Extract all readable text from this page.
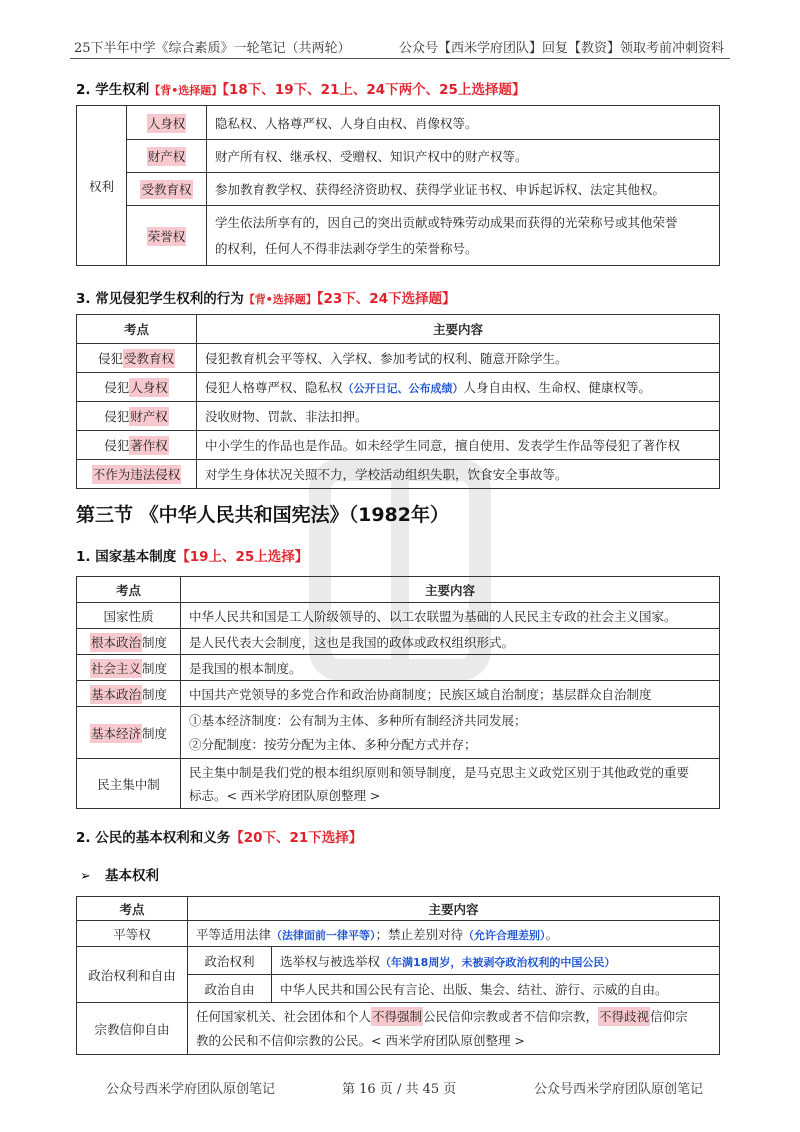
25下半年中学《综合素质》一轮笔记（共两轮）	公众号【西米学府团队】回复【教资】领取考前冲刺资料
2. 学生权利【背•选择题】【18下、19下、21上、24下两个、25上选择题】
权利	人身权	隐私权、人格尊严权、人身自由权、肖像权等。
	财产权	财产所有权、继承权、受赠权、知识产权中的财产权等。
	受教育权	参加教育教学权、获得经济资助权、获得学业证书权、申诉起诉权、法定其他权。
	荣誉权	学生依法所享有的，因自己的突出贡献或特殊劳动成果而获得的光荣称号或其他荣誉
的权利，任何人不得非法剥夺学生的荣誉称号。
3. 常见侵犯学生权利的行为【背•选择题】【23下、24下选择题】
考点	主要内容
侵犯受教育权	侵犯教育机会平等权、入学权、参加考试的权利、随意开除学生。
侵犯人身权	侵犯人格尊严权、隐私权（公开日记、公布成绩）人身自由权、生命权、健康权等。
侵犯财产权	没收财物、罚款、非法扣押。
侵犯著作权	中小学生的作品也是作品。如未经学生同意，擅自使用、发表学生作品等侵犯了著作权
不作为违法侵权	对学生身体状况关照不力，学校活动组织失职，饮食安全事故等。
第三节 《中华人民共和国宪法》（1982年）
1. 国家基本制度【19上、25上选择】
考点	主要内容
国家性质	中华人民共和国是工人阶级领导的、以工农联盟为基础的人民民主专政的社会主义国家。
根本政治制度	是人民代表大会制度，这也是我国的政体或政权组织形式。
社会主义制度	是我国的根本制度。
基本政治制度	中国共产党领导的多党合作和政治协商制度；民族区域自治制度；基层群众自治制度
基本经济制度	①基本经济制度：公有制为主体、多种所有制经济共同发展；
②分配制度：按劳分配为主体、多种分配方式并存；

民主集中制	民主集中制是我们党的根本组织原则和领导制度，是马克思主义政党区别于其他政党的重要
标志。< 西米学府团队原创整理 >
2. 公民的基本权利和义务【20下、21下选择】
➢ 基本权利
考点	主要内容	
平等权	平等适用法律（法律面前一律平等）；禁止差别对待（允许合理差别）。	
政治权利和自由	政治权利	选举权与被选举权（年满18周岁，未被剥夺政治权利的中国公民）
	政治自由	中华人民共和国公民有言论、出版、集会、结社、游行、示威的自由。
宗教信仰自由	任何国家机关、社会团体和个人不得强制公民信仰宗教或者不信仰宗教，不得歧视信仰宗
教的公民和不信仰宗教的公民。< 西米学府团队原创整理 >	
公众号西米学府团队原创笔记	第 16 页 / 共 45 页	公众号西米学府团队原创笔记
